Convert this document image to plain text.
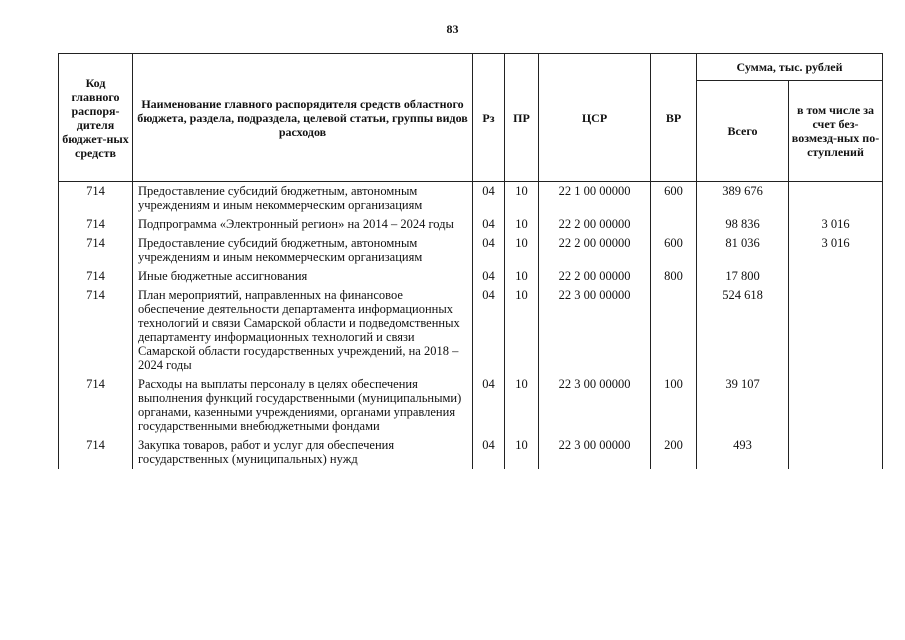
83
Код главного распоря-дителя бюджет-ных средств	Наименование главного распорядителя средств областного бюджета, раздела, подраздела, целевой статьи, группы видов расходов	Рз	ПР	ЦСР	ВР	Сумма, тыс. рублей	
						Всего	в том числе за счет без-возмезд-ных по-ступлений
714	Предоставление субсидий бюджетным, автономным учреждениям и иным некоммерческим организациям	04	10	22 1 00 00000	600	389 676	
714	Подпрограмма «Электронный регион» на 2014 – 2024 годы	04	10	22 2 00 00000		98 836	3 016
714	Предоставление субсидий бюджетным, автономным учреждениям и иным некоммерческим организациям	04	10	22 2 00 00000	600	81 036	3 016
714	Иные бюджетные ассигнования	04	10	22 2 00 00000	800	17 800	
714	План мероприятий, направленных на финансовое обеспечение деятельности департамента информационных технологий и связи Самарской области и подведомственных департаменту информационных технологий и связи Самарской области государственных учреждений, на 2018 – 2024 годы	04	10	22 3 00 00000		524 618	
714	Расходы на выплаты персоналу в целях обеспечения выполнения функций государственными (муниципальными) органами, казенными учреждениями, органами управления государственными внебюджетными фондами	04	10	22 3 00 00000	100	39 107	
714	Закупка товаров, работ и услуг для обеспечения государственных (муниципальных) нужд	04	10	22 3 00 00000	200	493	
